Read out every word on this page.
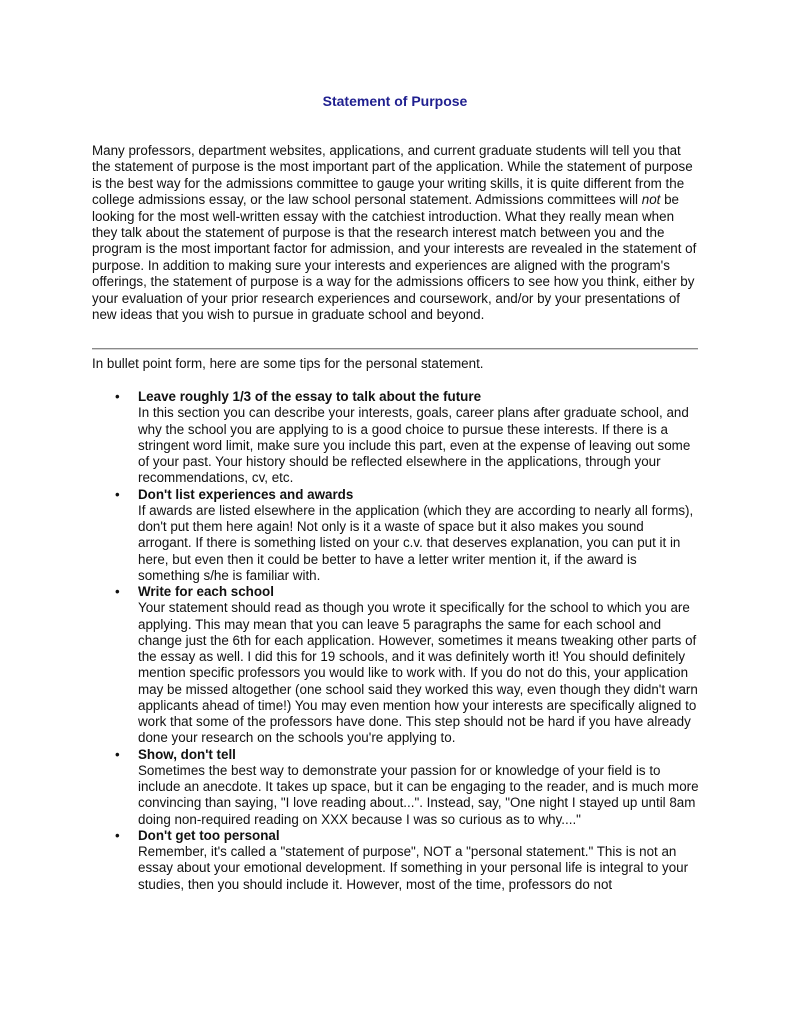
Statement of Purpose

Many professors, department websites, applications, and current graduate students will tell you that the statement of purpose is the most important part of the application. While the statement of purpose is the best way for the admissions committee to gauge your writing skills, it is quite different from the college admissions essay, or the law school personal statement. Admissions committees will not be looking for the most well-written essay with the catchiest introduction. What they really mean when they talk about the statement of purpose is that the research interest match between you and the program is the most important factor for admission, and your interests are revealed in the statement of purpose. In addition to making sure your interests and experiences are aligned with the program's offerings, the statement of purpose is a way for the admissions officers to see how you think, either by your evaluation of your prior research experiences and coursework, and/or by your presentations of new ideas that you wish to pursue in graduate school and beyond.

In bullet point form, here are some tips for the personal statement.

• Leave roughly 1/3 of the essay to talk about the future
In this section you can describe your interests, goals, career plans after graduate school, and why the school you are applying to is a good choice to pursue these interests. If there is a stringent word limit, make sure you include this part, even at the expense of leaving out some of your past. Your history should be reflected elsewhere in the applications, through your recommendations, cv, etc.
• Don't list experiences and awards
If awards are listed elsewhere in the application (which they are according to nearly all forms), don't put them here again! Not only is it a waste of space but it also makes you sound arrogant. If there is something listed on your c.v. that deserves explanation, you can put it in here, but even then it could be better to have a letter writer mention it, if the award is something s/he is familiar with.
• Write for each school
Your statement should read as though you wrote it specifically for the school to which you are applying. This may mean that you can leave 5 paragraphs the same for each school and change just the 6th for each application. However, sometimes it means tweaking other parts of the essay as well. I did this for 19 schools, and it was definitely worth it! You should definitely mention specific professors you would like to work with. If you do not do this, your application may be missed altogether (one school said they worked this way, even though they didn't warn applicants ahead of time!) You may even mention how your interests are specifically aligned to work that some of the professors have done. This step should not be hard if you have already done your research on the schools you're applying to.
• Show, don't tell
Sometimes the best way to demonstrate your passion for or knowledge of your field is to include an anecdote. It takes up space, but it can be engaging to the reader, and is much more convincing than saying, "I love reading about...". Instead, say, "One night I stayed up until 8am doing non-required reading on XXX because I was so curious as to why...."
• Don't get too personal
Remember, it's called a "statement of purpose", NOT a "personal statement." This is not an essay about your emotional development. If something in your personal life is integral to your studies, then you should include it. However, most of the time, professors do not
